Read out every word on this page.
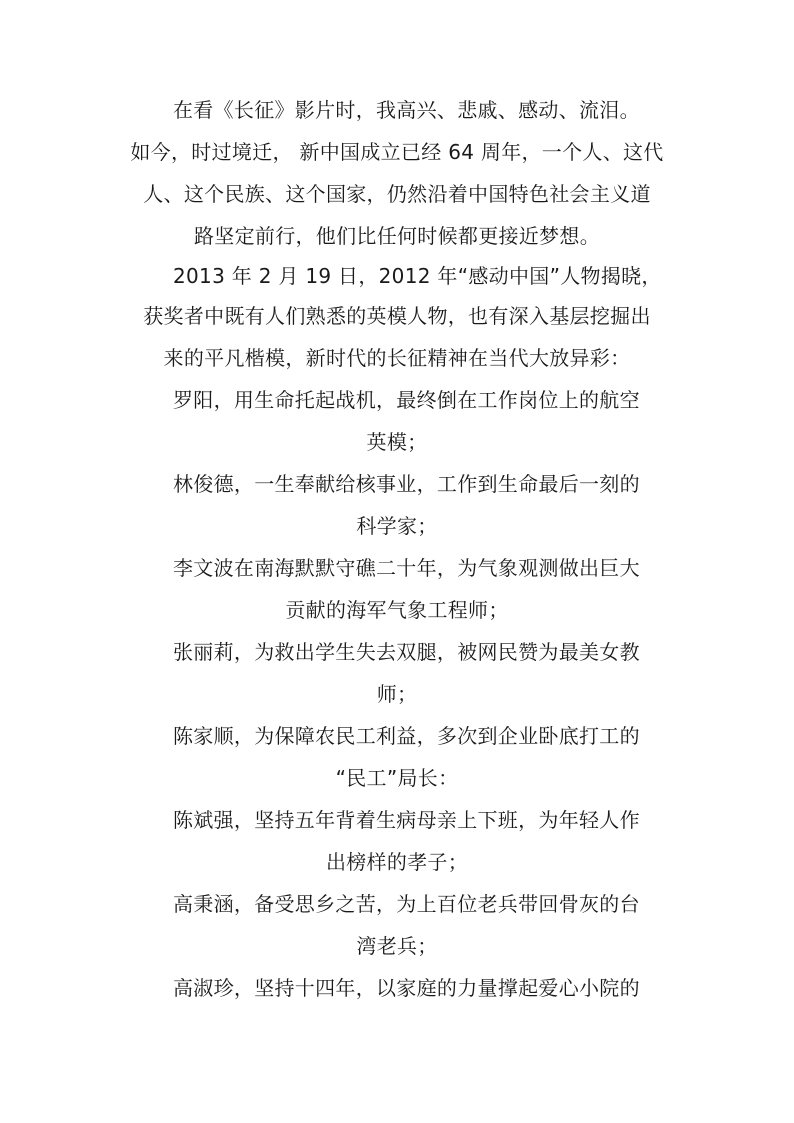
在看《长征》影片时，我高兴、悲戚、感动、流泪。
如今，时过境迁， 新中国成立已经 64 周年，一个人、这代
人、这个民族、这个国家，仍然沿着中国特色社会主义道
路坚定前行，他们比任何时候都更接近梦想。
2013 年 2 月 19 日，2012 年“感动中国”人物揭晓，
获奖者中既有人们熟悉的英模人物，也有深入基层挖掘出
来的平凡楷模，新时代的长征精神在当代大放异彩：
罗阳，用生命托起战机，最终倒在工作岗位上的航空
英模；
林俊德，一生奉献给核事业，工作到生命最后一刻的
科学家；
李文波在南海默默守礁二十年，为气象观测做出巨大
贡献的海军气象工程师；
张丽莉，为救出学生失去双腿，被网民赞为最美女教
师；
陈家顺，为保障农民工利益，多次到企业卧底打工的
“民工”局长：
陈斌强，坚持五年背着生病母亲上下班，为年轻人作
出榜样的孝子；
高秉涵，备受思乡之苦，为上百位老兵带回骨灰的台
湾老兵；
高淑珍，坚持十四年，以家庭的力量撑起爱心小院的
